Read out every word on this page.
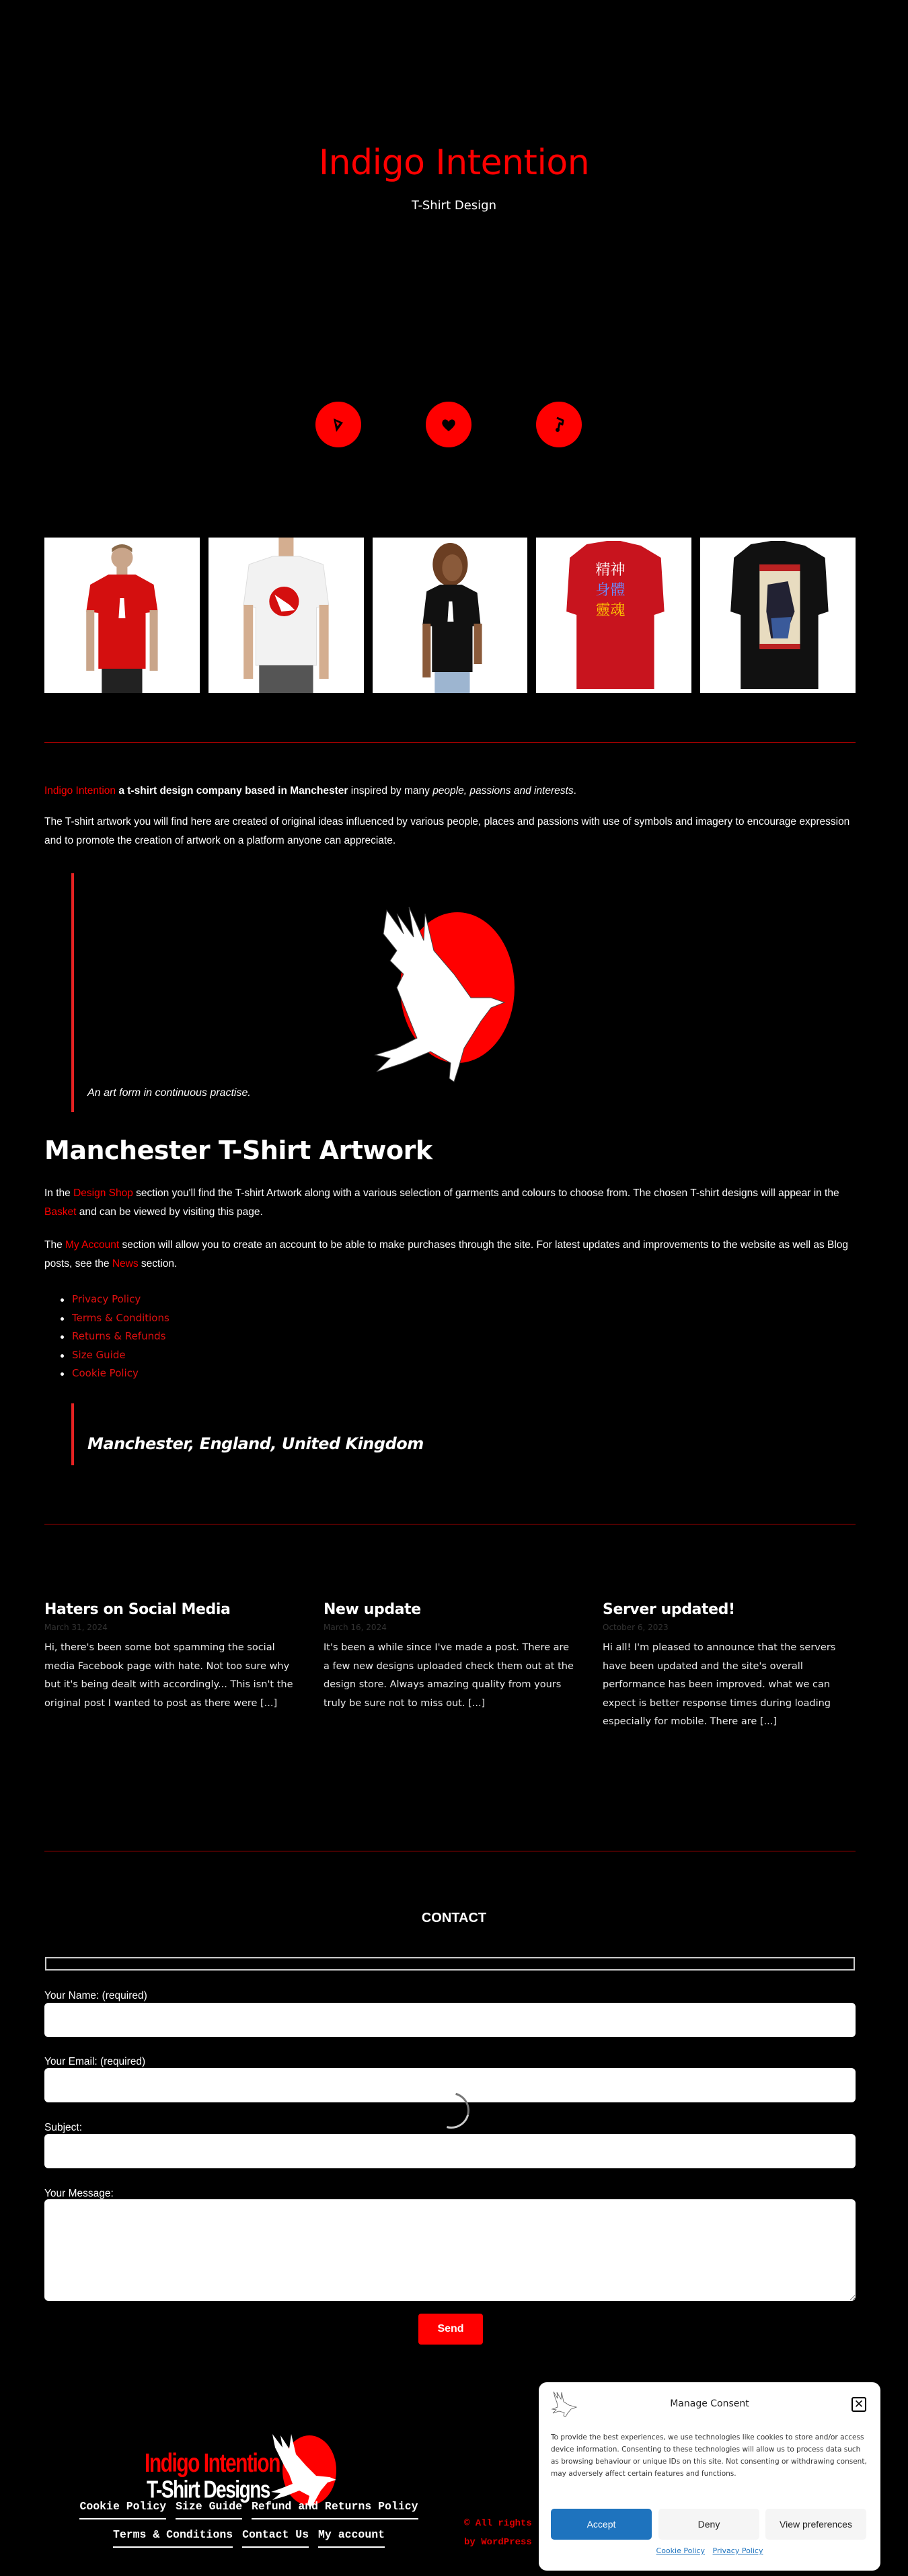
Indigo Intention
T-Shirt Design
精神
身體
靈魂

Indigo Intention a t-shirt design company based in Manchester inspired by many people, passions and interests.

The T-shirt artwork you will find here are created of original ideas influenced by various people, places and passions with use of symbols and imagery to encourage expression and to promote the creation of artwork on a platform anyone can appreciate.

An art form in continuous practise.
Manchester T-Shirt Artwork

In the Design Shop section you'll find the T-shirt Artwork along with a various selection of garments and colours to choose from. The chosen T-shirt designs will appear in the Basket and can be viewed by visiting this page.

The My Account section will allow you to create an account to be able to make purchases through the site. For latest updates and improvements to the website as well as Blog posts, see the News section.

Privacy Policy
Terms & Conditions
Returns & Refunds
Size Guide
Cookie Policy
Manchester, England, United Kingdom
Haters on Social Media
March 31, 2024
Hi, there's been some bot spamming the social media Facebook page with hate. Not too sure why but it's being dealt with accordingly... This isn't the original post I wanted to post as there were [...]
New update
March 16, 2024
It's been a while since I've made a post. There are a few new designs uploaded check them out at the design store. Always amazing quality from yours truly be sure not to miss out. [...]
Server updated!
October 6, 2023
Hi all! I'm pleased to announce that the servers have been updated and the site's overall performance has been improved. what we can expect is better response times during loading especially for mobile. There are [...]
CONTACT
Your Name: (required)
Your Email: (required)
Subject:
Your Message:
Send
Indigo Intention
T-Shirt Designs
Cookie Policy Size Guide Refund and Returns Policy
Terms & Conditions Contact Us My account
© All rights
by WordPress
Manage Consent	✕
To provide the best experiences, we use technologies like cookies to store and/or access device information. Consenting to these technologies will allow us to process data such as browsing behaviour or unique IDs on this site. Not consenting or withdrawing consent, may adversely affect certain features and functions.
Accept	Deny	View preferences
Cookie Policy Privacy Policy
